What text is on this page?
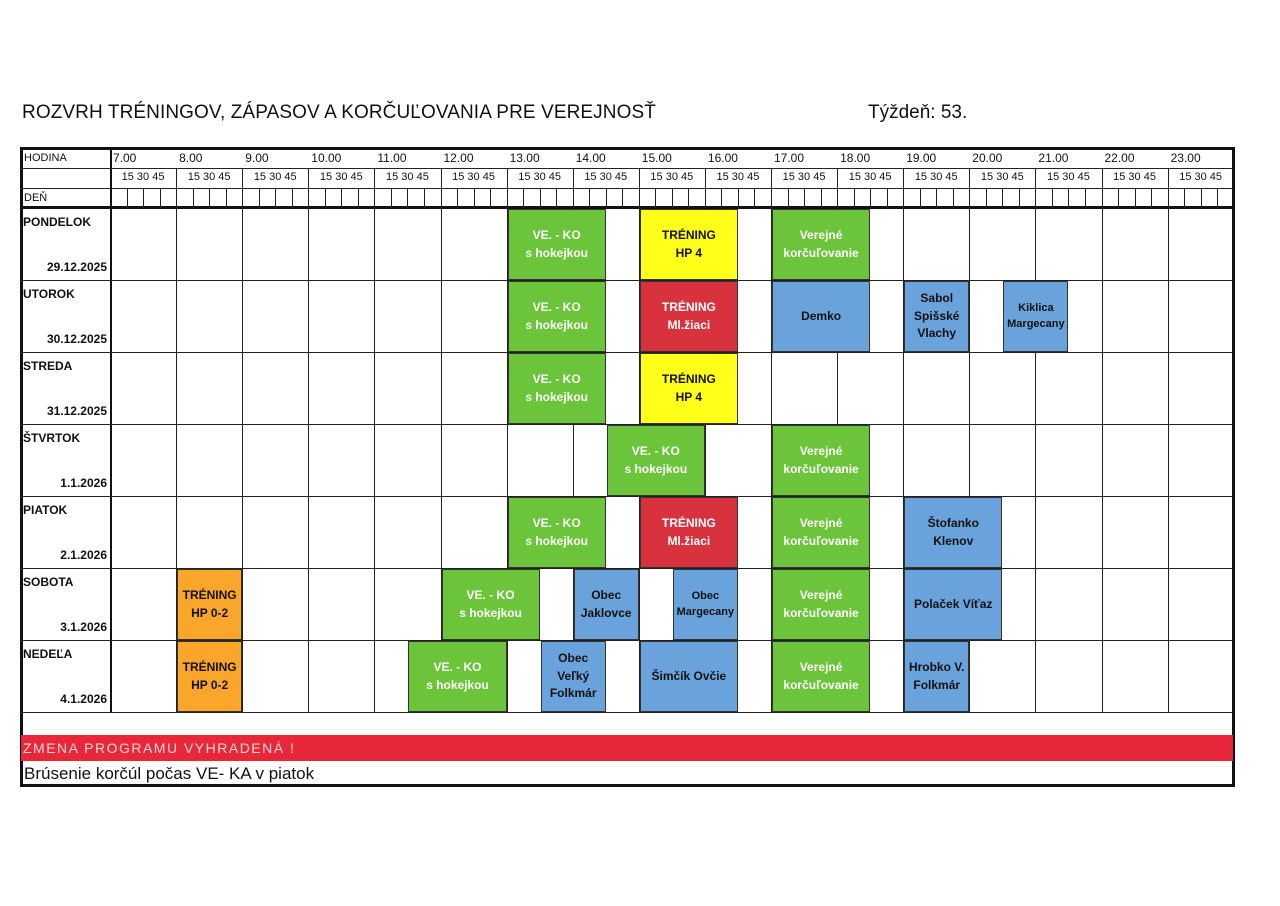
ROZVRH TRÉNINGOV, ZÁPASOV A KORČUĽOVANIA PRE VEREJNOSŤ	Týždeň: 53.
HODINA
DEŇ
7.00
15 30 45
8.00
15 30 45
9.00
15 30 45
10.00
15 30 45
11.00
15 30 45
12.00
15 30 45
13.00
15 30 45
14.00
15 30 45
15.00
15 30 45
16.00
15 30 45
17.00
15 30 45
18.00
15 30 45
19.00
15 30 45
20.00
15 30 45
21.00
15 30 45
22.00
15 30 45
23.00
15 30 45
PONDELOK
29.12.2025
UTOROK
30.12.2025
STREDA
31.12.2025
ŠTVRTOK
1.1.2026
PIATOK
2.1.2026
SOBOTA
3.1.2026
NEDEĽA
4.1.2026
VE. - KO
s hokejkou
TRÉNING
HP 4
Verejné
korčuľovanie
VE. - KO
s hokejkou
TRÉNING
Ml.žiaci
Demko
Sabol
Spišské
Vlachy
Kiklica
Margecany
VE. - KO
s hokejkou
TRÉNING
HP 4
VE. - KO
s hokejkou
Verejné
korčuľovanie
VE. - KO
s hokejkou
TRÉNING
Ml.žiaci
Verejné
korčuľovanie
Štofanko
Klenov
TRÉNING
HP 0-2
VE. - KO
s hokejkou
Obec
Jaklovce
Obec
Margecany
Verejné
korčuľovanie
Polaček Víťaz
TRÉNING
HP 0-2
VE. - KO
s hokejkou
Obec
Veľký
Folkmár
Šimčík Ovčie
Verejné
korčuľovanie
Hrobko V.
Folkmár
ZMENA PROGRAMU VYHRADENÁ !
Brúsenie korčúl počas VE- KA v piatok
